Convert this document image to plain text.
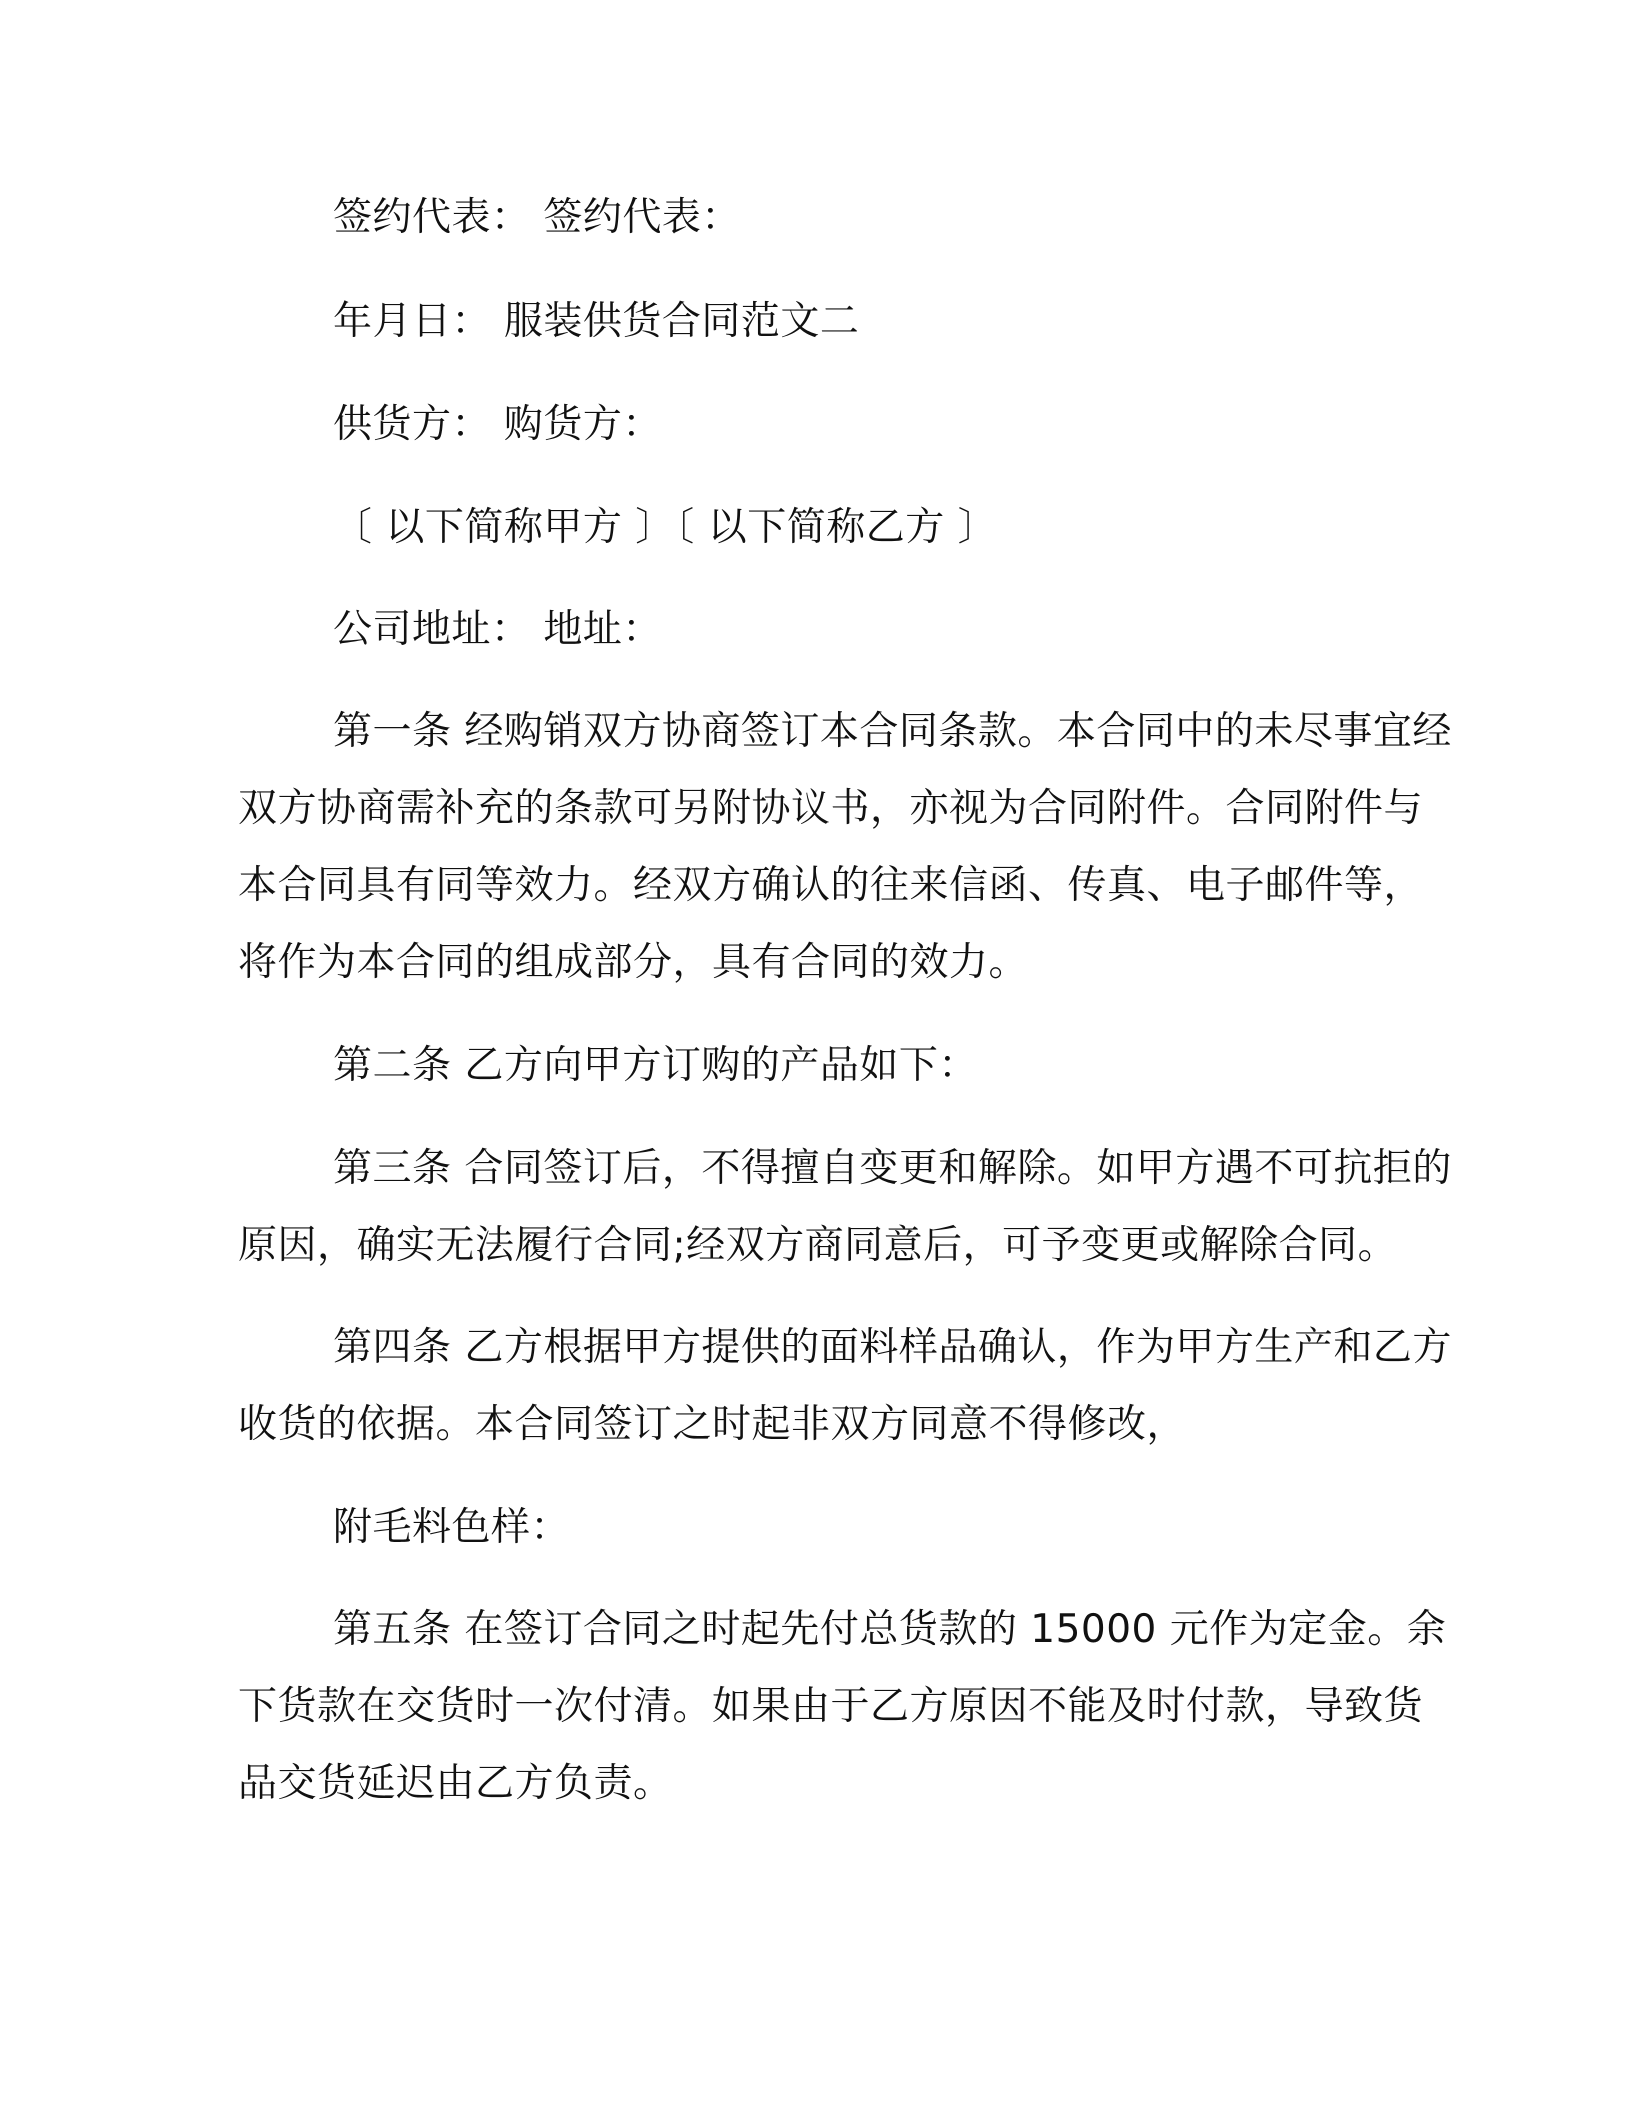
签约代表： 签约代表：

年月日： 服装供货合同范文二

供货方： 购货方：

〔 以下简称甲方 〕〔 以下简称乙方 〕

公司地址： 地址：

第一条 经购销双方协商签订本合同条款。本合同中的未尽事宜经

双方协商需补充的条款可另附协议书，亦视为合同附件。合同附件与

本合同具有同等效力。经双方确认的往来信函、传真、电子邮件等，

将作为本合同的组成部分，具有合同的效力。

第二条 乙方向甲方订购的产品如下：

第三条 合同签订后，不得擅自变更和解除。如甲方遇不可抗拒的

原因，确实无法履行合同;经双方商同意后，可予变更或解除合同。

第四条 乙方根据甲方提供的面料样品确认，作为甲方生产和乙方

收货的依据。本合同签订之时起非双方同意不得修改，

附毛料色样：

第五条 在签订合同之时起先付总货款的 15000 元作为定金。余

下货款在交货时一次付清。如果由于乙方原因不能及时付款，导致货

品交货延迟由乙方负责。
